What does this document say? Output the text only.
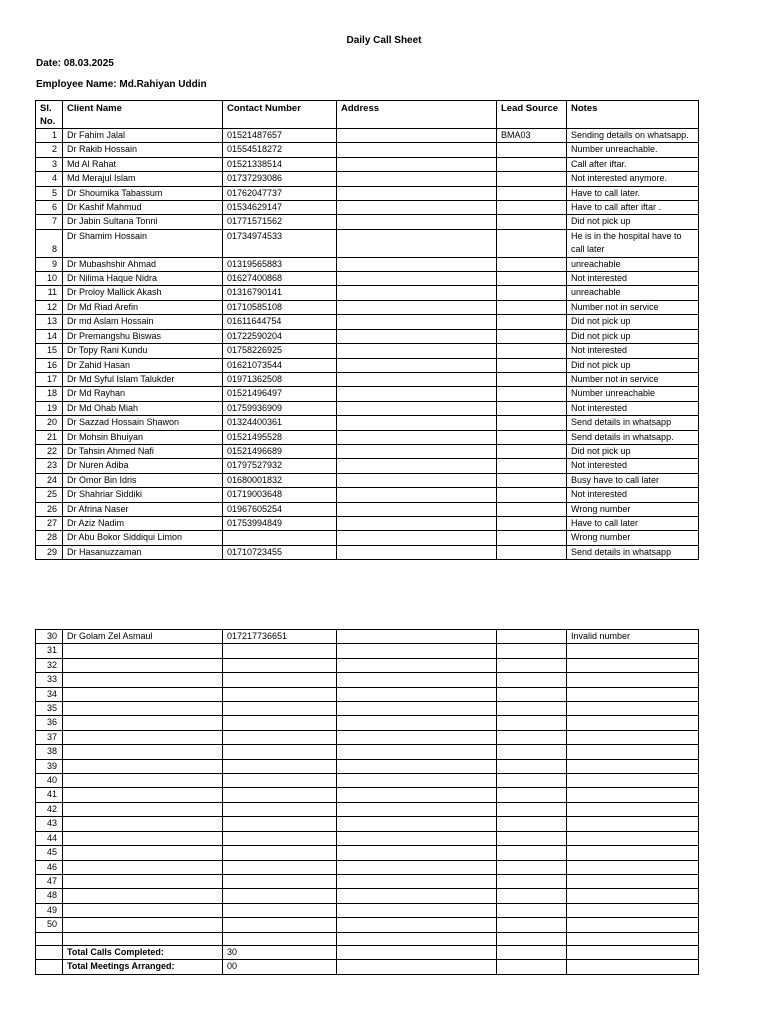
Daily Call Sheet
Date: 08.03.2025
Employee Name: Md.Rahiyan Uddin
Sl. No.	Client Name	Contact Number	Address	Lead Source	Notes
1	Dr Fahim Jalal	01521487657		BMA03	Sending details on whatsapp.
2	Dr Rakib Hossain	01554518272			Number unreachable.
3	Md Al Rahat	01521338514			Call after iftar.
4	Md Merajul Islam	01737293086			Not interested anymore.
5	Dr Shoumika Tabassum	01762047737			Have to call later.
6	Dr Kashif Mahmud	01534629147			Have to call after iftar .
7	Dr Jabin Sultana Tonni	01771571562			Did not pick up
8	Dr Shamim Hossain	01734974533			He is in the hospital have to call later
9	Dr Mubashshir Ahmad	01319565883			unreachable
10	Dr Nilima Haque Nidra	01627400868			Not interested
11	Dr Proloy Mallick Akash	01316790141			unreachable
12	Dr Md Riad Arefin	01710585108			Number not in service
13	Dr md Aslam Hossain	01611644754			Did not pick up
14	Dr Premangshu Biswas	01722590204			Did not pick up
15	Dr Topy Rani Kundu	01758226925			Not interested
16	Dr Zahid Hasan	01621073544			Did not pick up
17	Dr Md Syful Islam Talukder	01971362508			Number not in service
18	Dr Md Rayhan	01521496497			Number unreachable
19	Dr Md Ohab Miah	01759936909			Not interested
20	Dr Sazzad Hossain Shawon	01324400361			Send details in whatsapp
21	Dr Mohsin Bhuiyan	01521495528			Send details in whatsapp.
22	Dr Tahsin Ahmed Nafi	01521496689			Did not pick up
23	Dr Nuren Adiba	01797527932			Not interested
24	Dr Omor Bin Idris	01680001832			Busy have to call later
25	Dr Shahriar Siddiki	01719003648			Not interested
26	Dr Afrina Naser	01967605254			Wrong number
27	Dr Aziz Nadim	01753994849			Have to call later
28	Dr Abu Bokor Siddiqui Limon				Wrong number
29	Dr Hasanuzzaman	01710723455			Send details in whatsapp
30	Dr Golam Zel Asmaul	017217736651			Invalid number
31					
32					
33					
34					
35					
36					
37					
38					
39					
40					
41					
42					
43					
44					
45					
46					
47					
48					
49					
50					

	Total Calls Completed:	30			
	Total Meetings Arranged:	00			
